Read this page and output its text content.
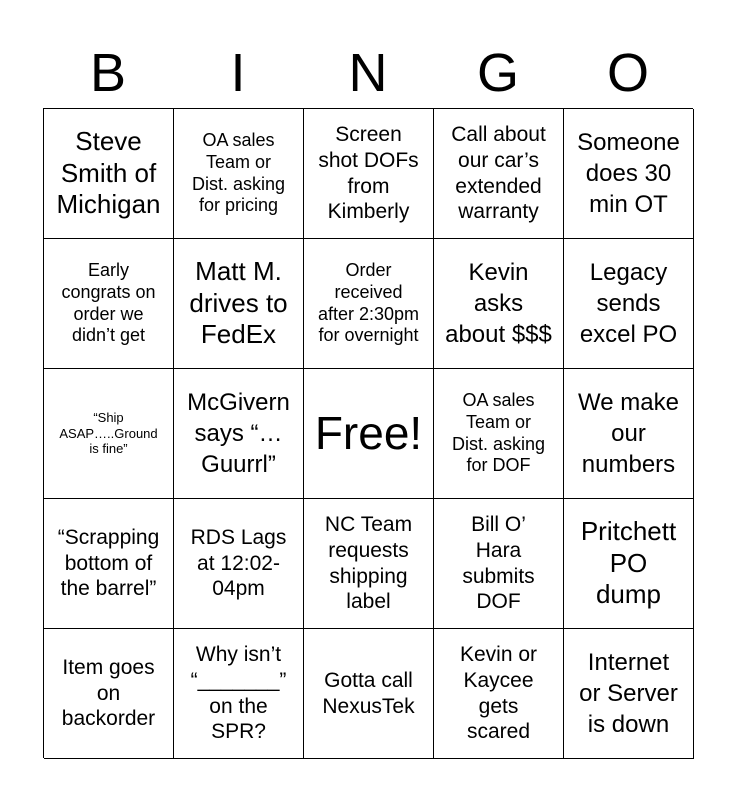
B	I	N	G	O
Steve
Smith of
Michigan
OA sales
Team or
Dist. asking
for pricing
Screen
shot DOFs
from
Kimberly
Call about
our car’s
extended
warranty
Someone
does 30
min OT
Early
congrats on
order we
didn’t get
Matt M.
drives to
FedEx
Order
received
after 2:30pm
for overnight
Kevin
asks
about $$$
Legacy
sends
excel PO
“Ship
ASAP…..Ground
is fine”
McGivern
says “…
Guurrl”
Free!
OA sales
Team or
Dist. asking
for DOF
We make
our
numbers
“Scrapping
bottom of
the barrel”
RDS Lags
at 12:02-
04pm
NC Team
requests
shipping
label
Bill O’
Hara
submits
DOF
Pritchett
PO
dump
Item goes
on
backorder
Why isn’t
“_______”
on the
SPR?
Gotta call
NexusTek
Kevin or
Kaycee
gets
scared
Internet
or Server
is down
